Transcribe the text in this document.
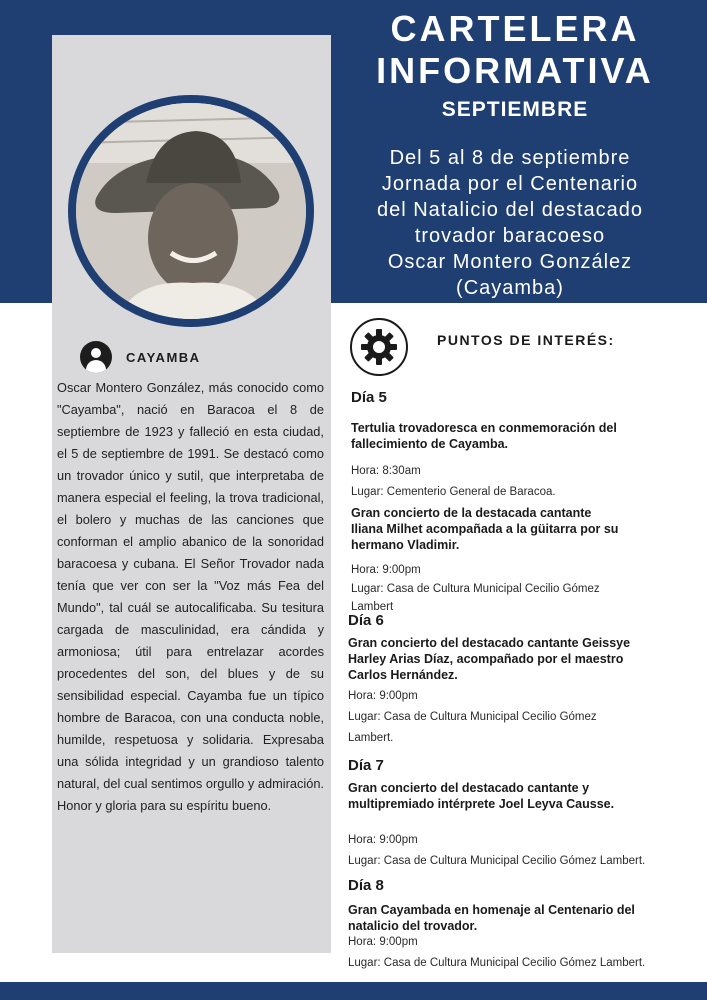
CARTELERA
INFORMATIVA
SEPTIEMBRE
Del 5 al 8 de septiembre
Jornada por el Centenario
del Natalicio del destacado
trovador baracoeso
Oscar Montero González
(Cayamba)
CAYAMBA
Oscar Montero González, más conocido como "Cayamba", nació en Baracoa el 8 de septiembre de 1923 y falleció en esta ciudad, el 5 de septiembre de 1991. Se destacó como un trovador único y sutil, que interpretaba de manera especial el feeling, la trova tradicional, el bolero y muchas de las canciones que conforman el amplio abanico de la sonoridad baracoesa y cubana. El Señor Trovador nada tenía que ver con ser la "Voz más Fea del Mundo", tal cuál se autocalificaba. Su tesitura cargada de masculinidad, era cándida y armoniosa; útil para entrelazar acordes procedentes del son, del blues y de su sensibilidad especial. Cayamba fue un típico hombre de Baracoa, con una conducta noble, humilde, respetuosa y solidaria. Expresaba una sólida integridad y un grandioso talento natural, del cual sentimos orgullo y admiración. Honor y gloria para su espíritu bueno.
PUNTOS DE INTERÉS:
Día 5
Tertulia trovadoresca en conmemoración del
fallecimiento de Cayamba.
Hora: 8:30am
Lugar: Cementerio General de Baracoa.
Gran concierto de la destacada cantante
Iliana Milhet acompañada a la güitarra por su
hermano Vladimir.
Hora: 9:00pm
Lugar: Casa de Cultura Municipal Cecilio Gómez
Lambert
Día 6
Gran concierto del destacado cantante Geissye
Harley Arias Díaz, acompañado por el maestro
Carlos Hernández.
Hora: 9:00pm
Lugar: Casa de Cultura Municipal Cecilio Gómez
Lambert.
Día 7
Gran concierto del destacado cantante y
multipremiado intérprete Joel Leyva Causse.
Hora: 9:00pm
Lugar: Casa de Cultura Municipal Cecilio Gómez Lambert.
Día 8
Gran Cayambada en homenaje al Centenario del
natalicio del trovador.
Hora: 9:00pm
Lugar: Casa de Cultura Municipal Cecilio Gómez Lambert.
